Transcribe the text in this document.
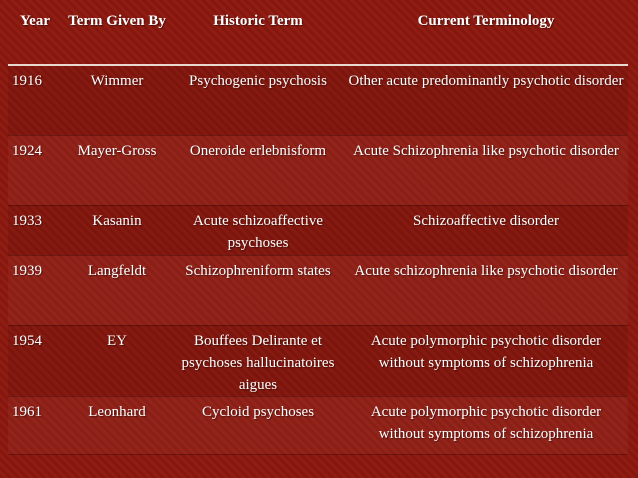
Year	Term Given By	Historic Term	Current Terminology
1916	Wimmer	Psychogenic psychosis	Other acute predominantly psychotic disorder
1924	Mayer-Gross	Oneroide erlebnisform	Acute Schizophrenia like psychotic disorder
1933	Kasanin	Acute schizoaffective psychoses	Schizoaffective disorder
1939	Langfeldt	Schizophreniform states	Acute schizophrenia like psychotic disorder
1954	EY	Bouffees Delirante et psychoses hallucinatoires aigues	Acute polymorphic psychotic disorder without symptoms of schizophrenia
1961	Leonhard	Cycloid psychoses	Acute polymorphic psychotic disorder without symptoms of schizophrenia
